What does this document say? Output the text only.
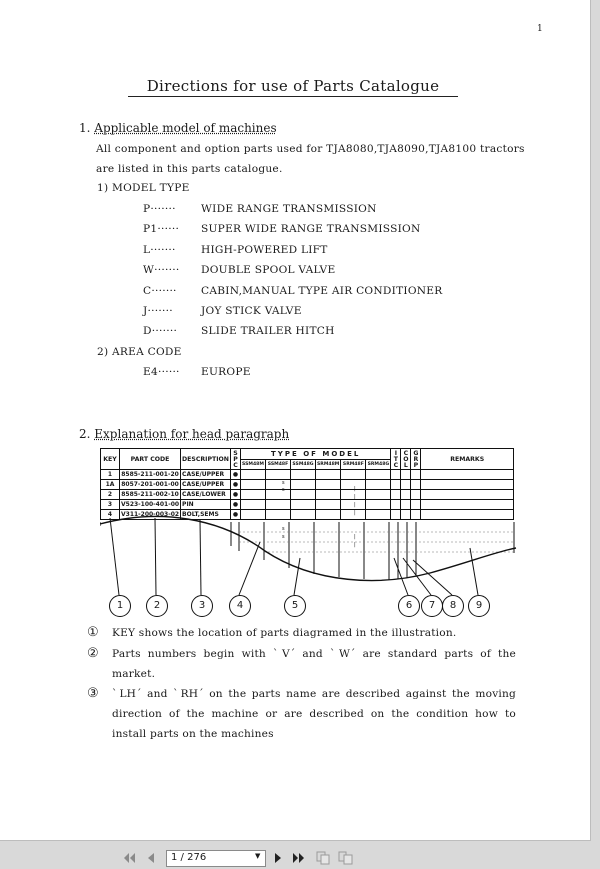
1
Directions for use of Parts Catalogue
1. Applicable model of machines
All component and option parts used for TJA8080,TJA8090,TJA8100 tractors
are listed in this parts catalogue.
1) MODEL TYPE
P······· WIDE RANGE TRANSMISSION
P1······ SUPER WIDE RANGE TRANSMISSION
L······· HIGH-POWERED LIFT
W······· DOUBLE SPOOL VALVE
C······· CABIN,MANUAL TYPE AIR CONDITIONER
J·······	JOY STICK VALVE
D······· SLIDE TRAILER HITCH
2) AREA CODE
E4······ EUROPE
2. Explanation for head paragraph
KEY	PART CODE	DESCRIPTION	SPC	TYPE OF MODEL						ITC	COL	GRP	REMARKS
				SSM48M	SSM48F	SSM48G	SRM48M	SRM48F	SRM48G				
1	8585-211-001-20	CASE/UPPER	●										
1A	8057-201-001-00	CASE/UPPER	●										
2	8585-211-002-10	CASE/LOWER	●										
3	V523-100-401-00	PIN	●										
4	V311-200-003-02	BOLT,SEMS	●										
s
s	|
|
|
|
s
s	|
|
1	2	3	4	5	6	7	8	9
① KEY shows the location of parts diagramed in the illustration.
② Parts numbers begin with ˋV´ and ˋW´ are standard parts of the market.
③ ˋLH´ and ˋRH´ on the parts name are described against the moving direction of the machine or are described on the condition how to install parts on the machines
1 / 276	▼
